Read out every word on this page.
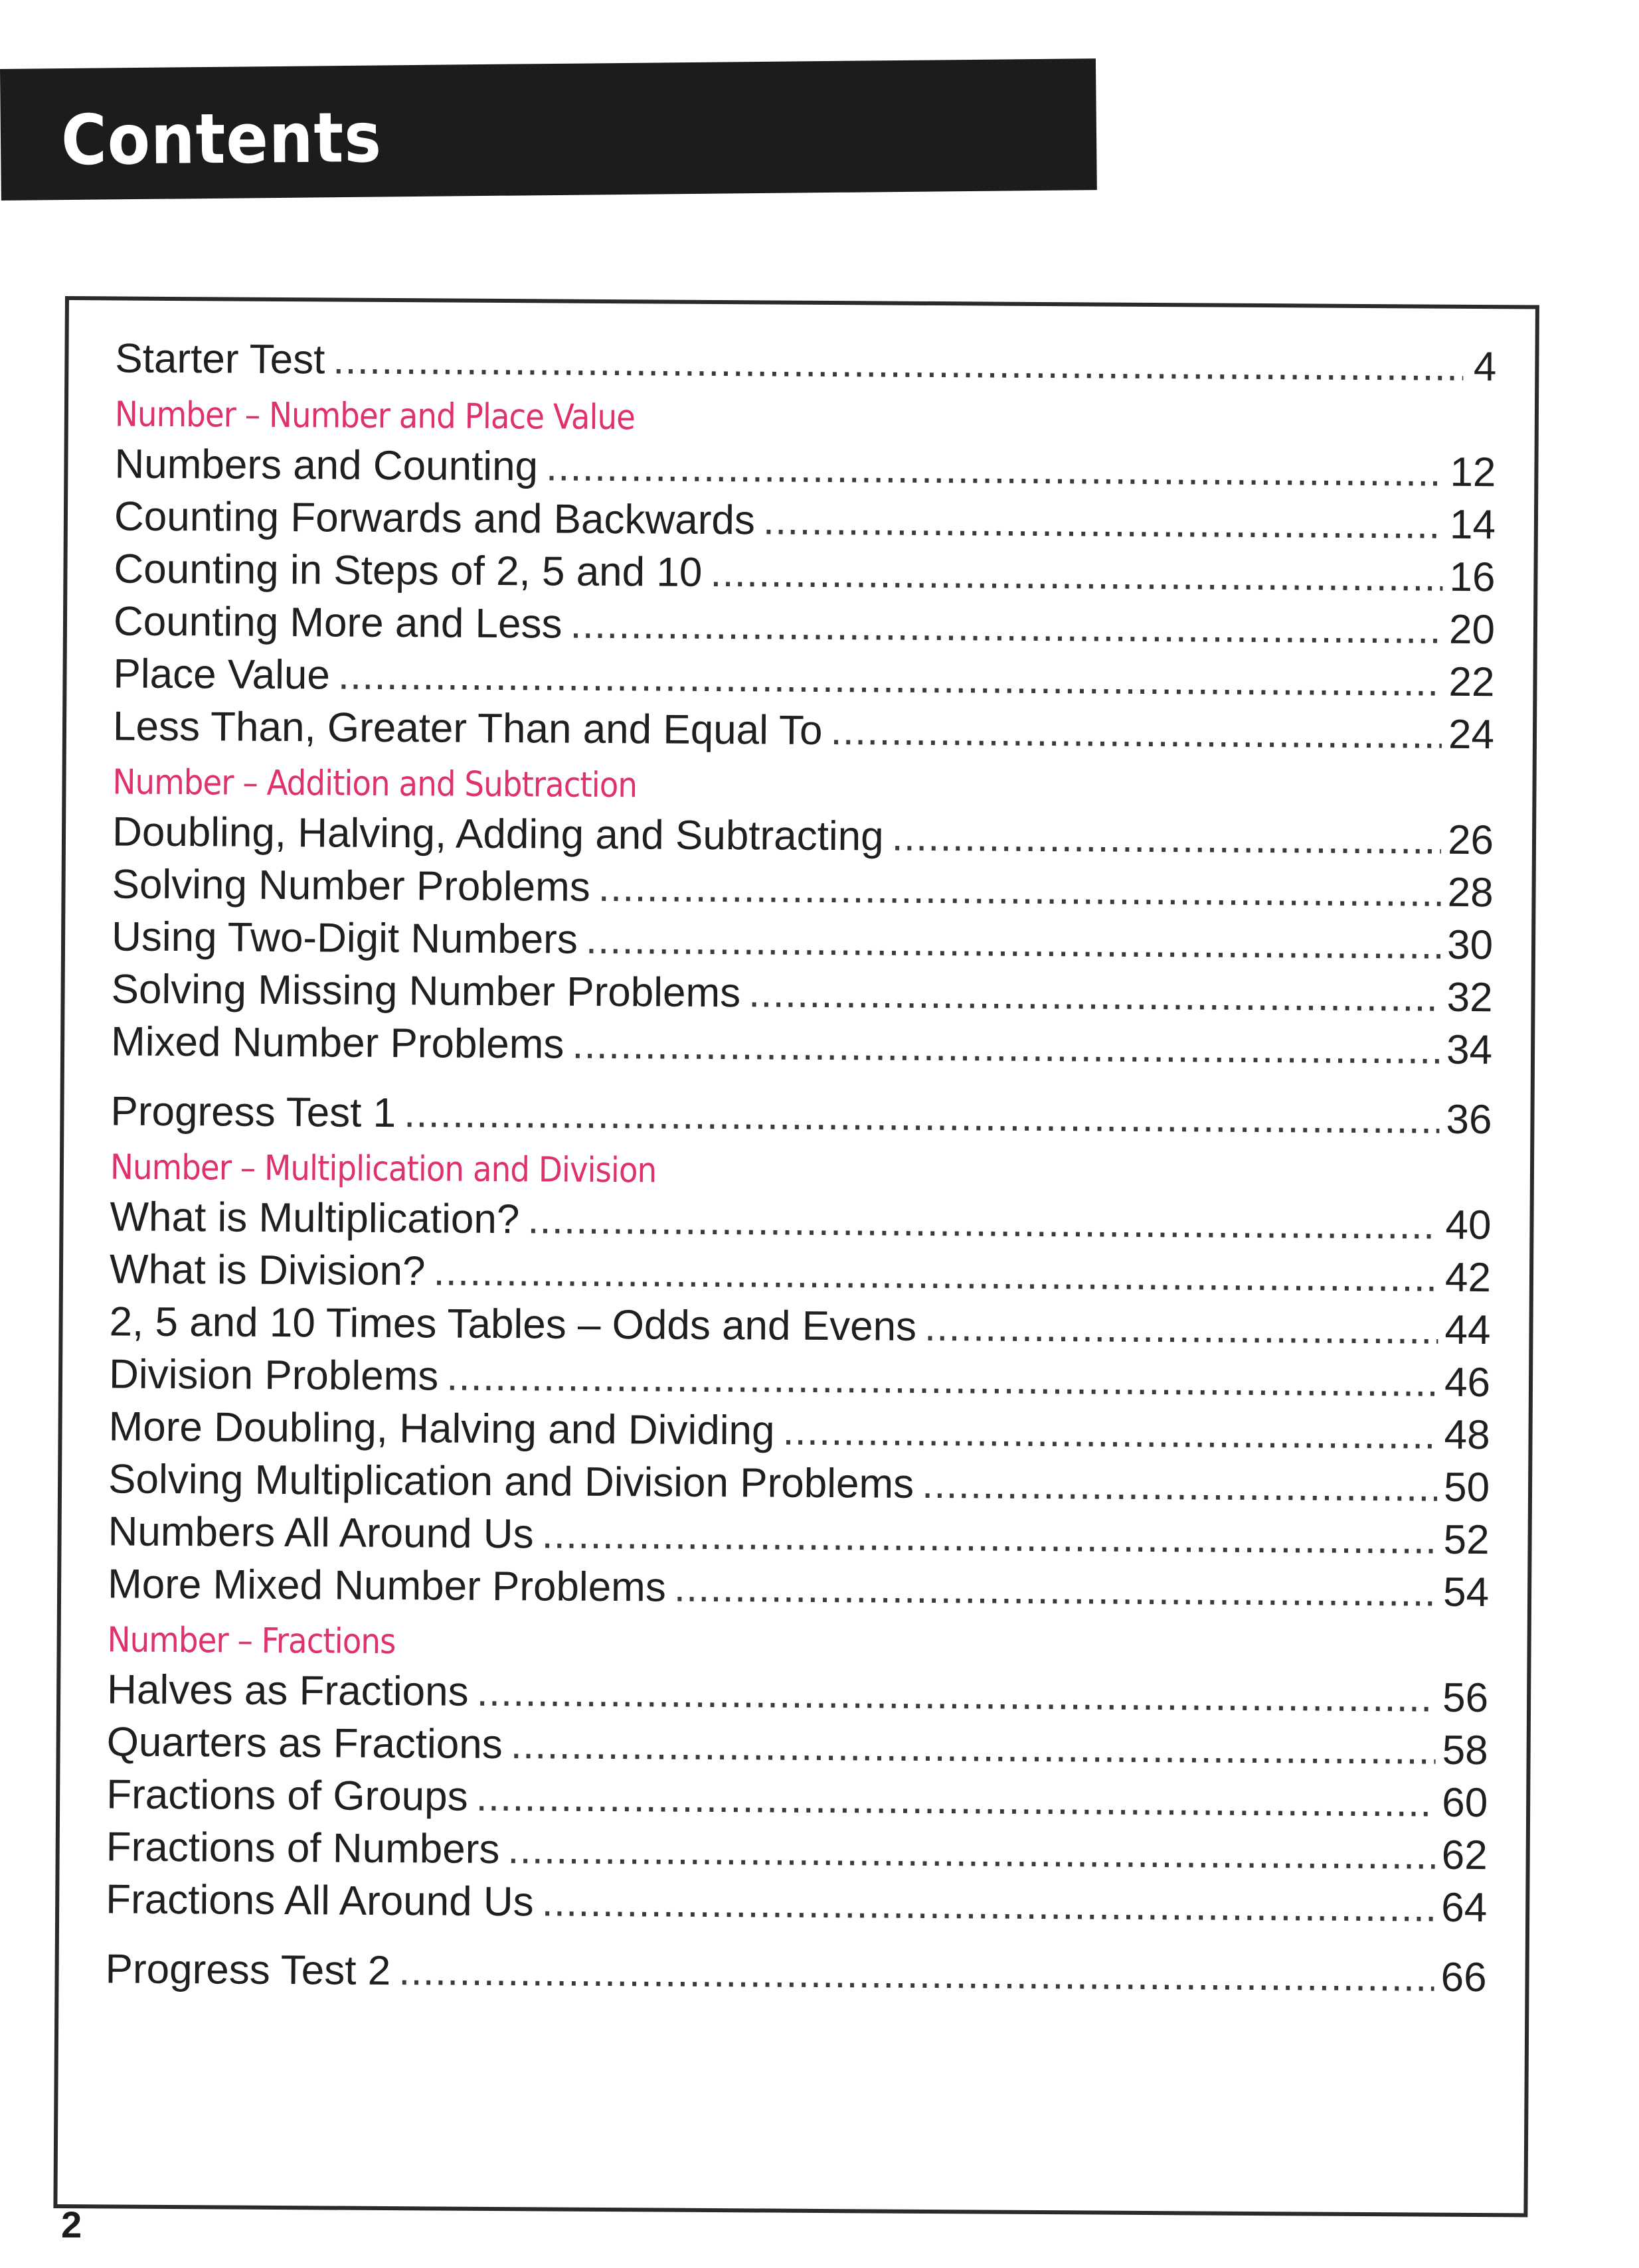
Contents
Starter Test .....	4
Number – Number and Place Value
Numbers and Counting .....	12
Counting Forwards and Backwards .....	14
Counting in Steps of 2, 5 and 10 .....	16
Counting More and Less .....	20
Place Value .....	22
Less Than, Greater Than and Equal To .....	24
Number – Addition and Subtraction
Doubling, Halving, Adding and Subtracting .....	26
Solving Number Problems .....	28
Using Two-Digit Numbers .....	30
Solving Missing Number Problems .....	32
Mixed Number Problems .....	34
Progress Test 1 .....	36
Number – Multiplication and Division
What is Multiplication? .....	40
What is Division? .....	42
2, 5 and 10 Times Tables – Odds and Evens .....	44
Division Problems .....	46
More Doubling, Halving and Dividing .....	48
Solving Multiplication and Division Problems .....	50
Numbers All Around Us .....	52
More Mixed Number Problems .....	54
Number – Fractions
Halves as Fractions .....	56
Quarters as Fractions .....	58
Fractions of Groups .....	60
Fractions of Numbers .....	62
Fractions All Around Us .....	64
Progress Test 2 .....	66
2
